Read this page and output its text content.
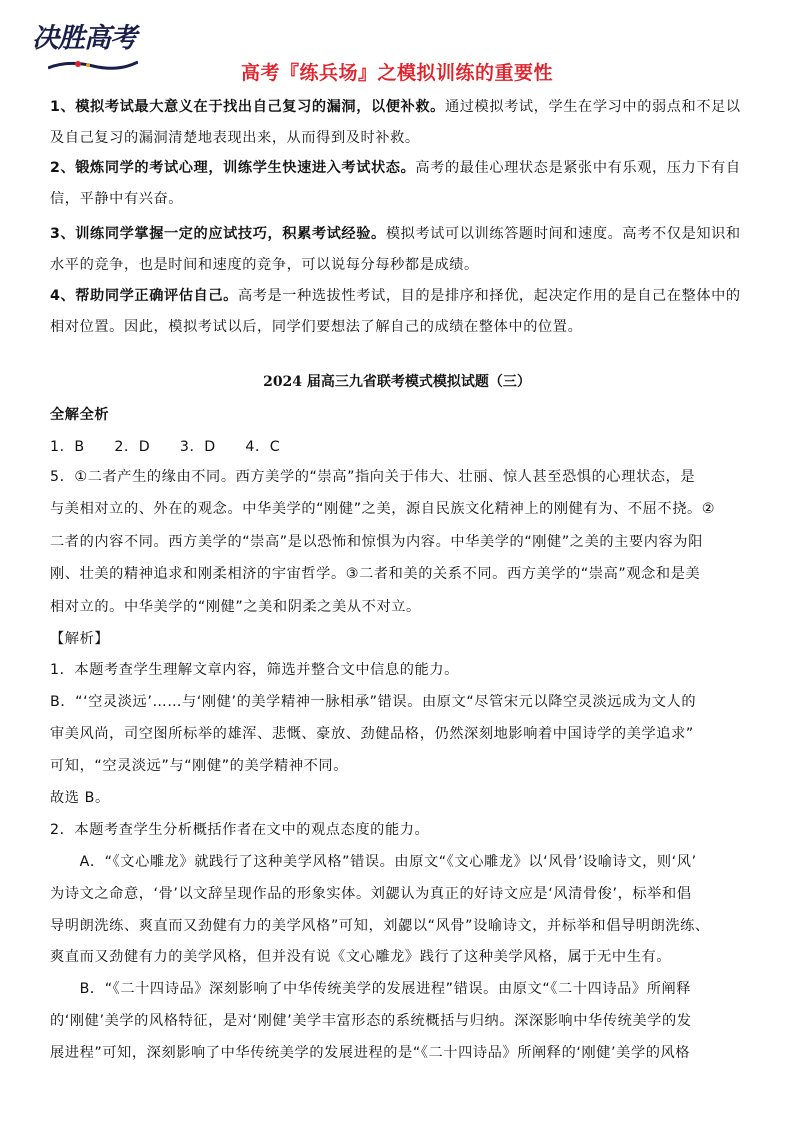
决胜高考
高考『练兵场』之模拟训练的重要性
1、模拟考试最大意义在于找出自己复习的漏洞，以便补救。通过模拟考试，学生在学习中的弱点和不足以及自己复习的漏洞清楚地表现出来，从而得到及时补救。
2、锻炼同学的考试心理，训练学生快速进入考试状态。高考的最佳心理状态是紧张中有乐观，压力下有自信，平静中有兴奋。
3、训练同学掌握一定的应试技巧，积累考试经验。模拟考试可以训练答题时间和速度。高考不仅是知识和水平的竞争，也是时间和速度的竞争，可以说每分每秒都是成绩。
4、帮助同学正确评估自己。高考是一种选拔性考试，目的是排序和择优，起决定作用的是自己在整体中的相对位置。因此，模拟考试以后，同学们要想法了解自己的成绩在整体中的位置。
2024 届高三九省联考模式模拟试题（三）
全解全析
1．B　　2．D　　3．D　　4．C
5．①二者产生的缘由不同。西方美学的“崇高”指向关于伟大、壮丽、惊人甚至恐惧的心理状态，是
与美相对立的、外在的观念。中华美学的“刚健”之美，源自民族文化精神上的刚健有为、不屈不挠。②
二者的内容不同。西方美学的“崇高”是以恐怖和惊惧为内容。中华美学的“刚健”之美的主要内容为阳
刚、壮美的精神追求和刚柔相济的宇宙哲学。③二者和美的关系不同。西方美学的“崇高”观念和是美
相对立的。中华美学的“刚健”之美和阴柔之美从不对立。
【解析】
1．本题考查学生理解文章内容，筛选并整合文中信息的能力。
B．“‘空灵淡远’……与‘刚健’的美学精神一脉相承”错误。由原文“尽管宋元以降空灵淡远成为文人的
审美风尚，司空图所标举的雄浑、悲慨、豪放、劲健品格，仍然深刻地影响着中国诗学的美学追求”
可知，“空灵淡远”与“刚健”的美学精神不同。
故选 B。
2．本题考查学生分析概括作者在文中的观点态度的能力。
　　A．“《文心雕龙》就践行了这种美学风格”错误。由原文“《文心雕龙》以‘风骨’设喻诗文，则‘风’
为诗文之命意，‘骨’以文辞呈现作品的形象实体。刘勰认为真正的好诗文应是‘风清骨俊’，标举和倡
导明朗洗练、爽直而又劲健有力的美学风格”可知，刘勰以“风骨”设喻诗文，并标举和倡导明朗洗练、
爽直而又劲健有力的美学风格，但并没有说《文心雕龙》践行了这种美学风格，属于无中生有。
　　B．“《二十四诗品》深刻影响了中华传统美学的发展进程”错误。由原文“《二十四诗品》所阐释
的‘刚健’美学的风格特征，是对‘刚健’美学丰富形态的系统概括与归纳。深深影响中华传统美学的发
展进程”可知，深刻影响了中华传统美学的发展进程的是“《二十四诗品》所阐释的‘刚健’美学的风格
